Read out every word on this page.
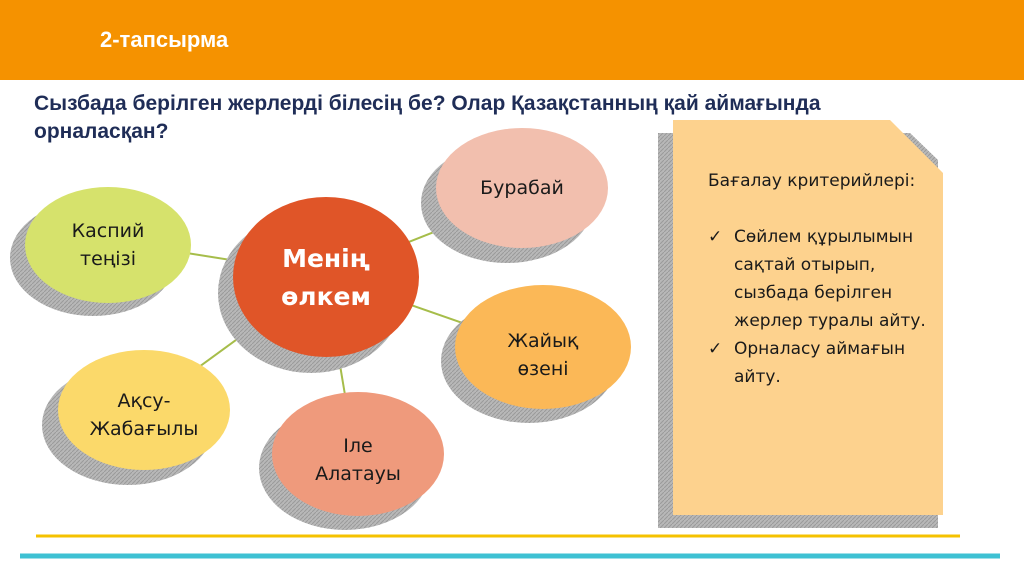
2-тапсырма
Сызбада берілген жерлерді білесің бе? Олар Қазақстанның қай аймағында орналасқан?
Бурабай
Каспий
теңізі
Жайық
өзені
Ақсу-
Жабағылы
Іле
Алатауы
Менің
өлкем
Бағалау критерийлері:
✓ Сөйлем құрылымын сақтай отырып, сызбада берілген жерлер туралы айту.
✓ Орналасу аймағын айту.
